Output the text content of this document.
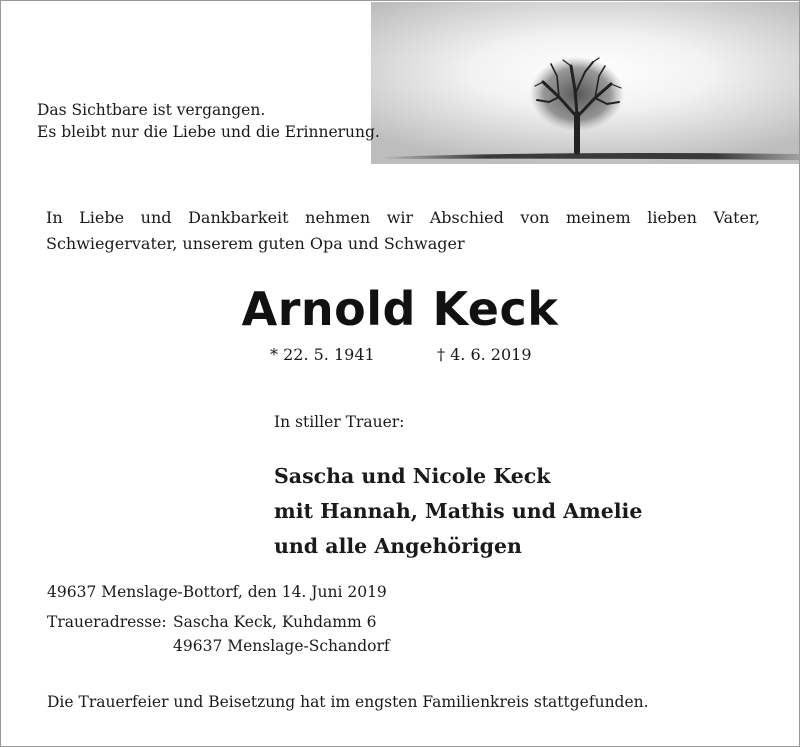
Das Sichtbare ist vergangen.
Es bleibt nur die Liebe und die Erinnerung.
In Liebe und Dankbarkeit nehmen wir Abschied von meinem lieben Vater, Schwiegervater, unserem guten Opa und Schwager
Arnold Keck
* 22. 5. 1941	† 4. 6. 2019
In stiller Trauer:
Sascha und Nicole Keck
mit Hannah, Mathis und Amelie
und alle Angehörigen
49637 Menslage-Bottorf, den 14. Juni 2019
Traueradresse: Sascha Keck, Kuhdamm 6
49637 Menslage-Schandorf
Die Trauerfeier und Beisetzung hat im engsten Familienkreis stattgefunden.
